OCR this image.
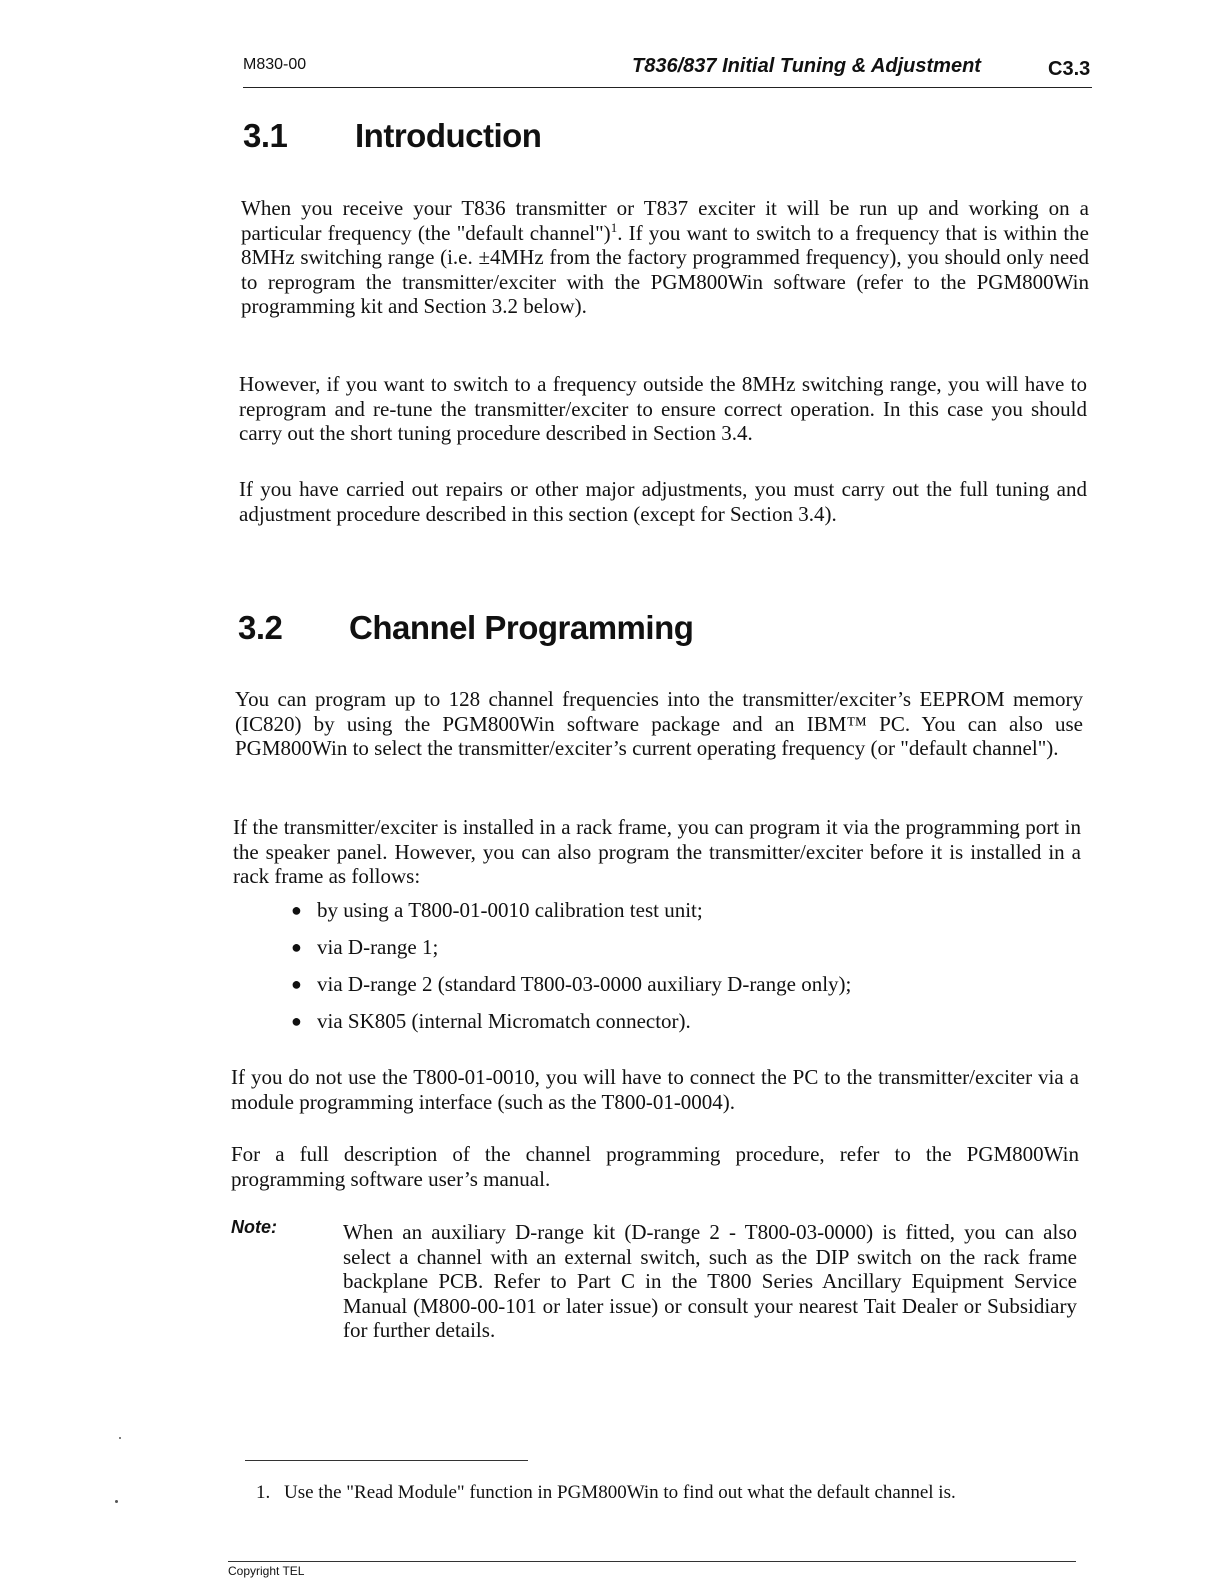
M830-00	T836/837 Initial Tuning & Adjustment	C3.3
3.1 Introduction

When you receive your T836 transmitter or T837 exciter it will be run up and working on a particular frequency (the "default channel")$^1$. If you want to switch to a frequency that is within the 8MHz switching range (i.e. ±4MHz from the factory programmed frequency), you should only need to reprogram the transmitter/exciter with the PGM800Win software (refer to the PGM800Win programming kit and Section 3.2 below).

However, if you want to switch to a frequency outside the 8MHz switching range, you will have to reprogram and re-tune the transmitter/exciter to ensure correct operation. In this case you should carry out the short tuning procedure described in Section 3.4.

If you have carried out repairs or other major adjustments, you must carry out the full tuning and adjustment procedure described in this section (except for Section 3.4).

3.2 Channel Programming

You can program up to 128 channel frequencies into the transmitter/exciter’s EEPROM memory (IC820) by using the PGM800Win software package and an IBM™ PC. You can also use PGM800Win to select the transmitter/exciter’s current operating frequency (or "default channel").

If the transmitter/exciter is installed in a rack frame, you can program it via the programming port in the speaker panel. However, you can also program the transmitter/exciter before it is installed in a rack frame as follows:

● by using a T800-01-0010 calibration test unit;
● via D-range 1;
● via D-range 2 (standard T800-03-0000 auxiliary D-range only);
● via SK805 (internal Micromatch connector).

If you do not use the T800-01-0010, you will have to connect the PC to the transmitter/exciter via a module programming interface (such as the T800-01-0004).

For a full description of the channel programming procedure, refer to the PGM800Win programming software user’s manual.

Note:	When an auxiliary D-range kit (D-range 2 - T800-03-0000) is fitted, you can also select a channel with an external switch, such as the DIP switch on the rack frame backplane PCB. Refer to Part C in the T800 Series Ancillary Equipment Service Manual (M800-00-101 or later issue) or consult your nearest Tait Dealer or Subsidiary for further details.

1. Use the "Read Module" function in PGM800Win to find out what the default channel is.
Copyright TEL
